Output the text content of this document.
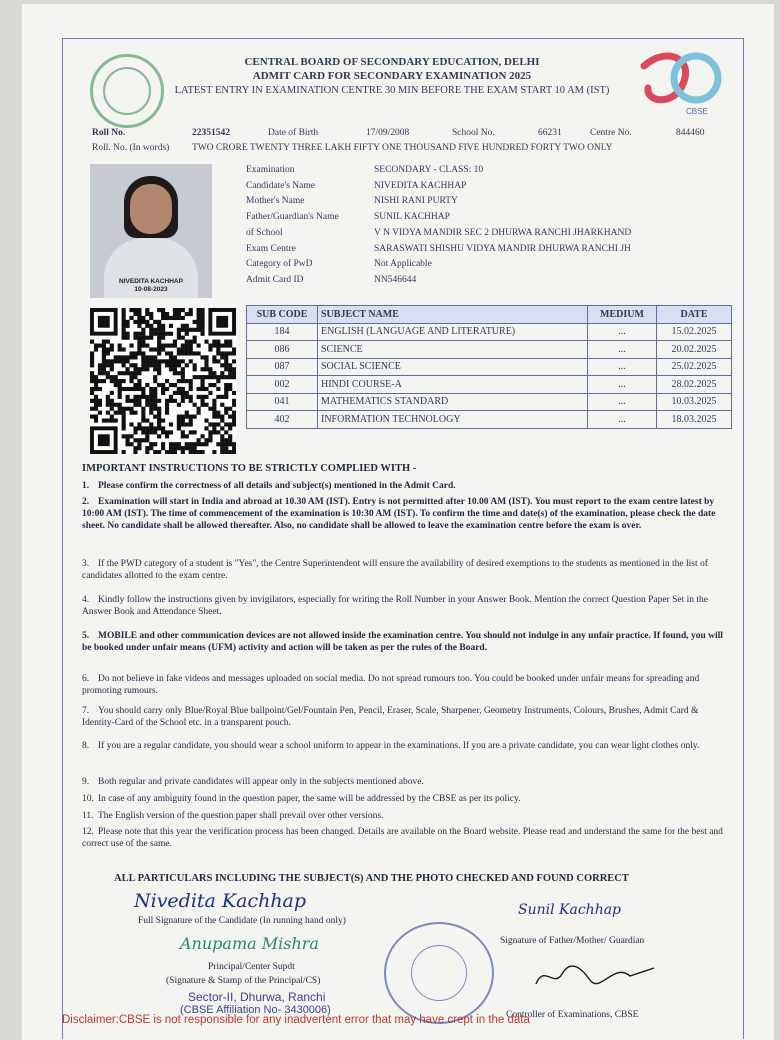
CBSE
CENTRAL BOARD OF SECONDARY EDUCATION, DELHI
ADMIT CARD FOR SECONDARY EXAMINATION 2025
LATEST ENTRY IN EXAMINATION CENTRE 30 MIN BEFORE THE EXAM START 10 AM (IST)
Roll No.	22351542	Date of Birth	17/09/2008	School No.	66231	Centre No.	844460
Roll. No. (In words) TWO CRORE TWENTY THREE LAKH FIFTY ONE THOUSAND FIVE HUNDRED FORTY TWO ONLY
NIVEDITA KACHHAP
10-08-2023
Examination	SECONDARY - CLASS: 10
Candidate's Name	NIVEDITA KACHHAP
Mother's Name	NISHI RANI PURTY
Father/Guardian's Name	SUNIL KACHHAP
of School	V N VIDYA MANDIR SEC 2 DHURWA RANCHI JHARKHAND
Exam Centre	SARASWATI SHISHU VIDYA MANDIR DHURWA RANCHI JH
Category of PwD	Not Applicable
Admit Card ID	NN546644
SUB CODE	SUBJECT NAME	MEDIUM	DATE
184	ENGLISH (LANGUAGE AND LITERATURE)	...	15.02.2025
086	SCIENCE	...	20.02.2025
087	SOCIAL SCIENCE	...	25.02.2025
002	HINDI COURSE-A	...	28.02.2025
041	MATHEMATICS STANDARD	...	10.03.2025
402	INFORMATION TECHNOLOGY	...	18.03.2025
IMPORTANT INSTRUCTIONS TO BE STRICTLY COMPLIED WITH -
1. Please confirm the correctness of all details and subject(s) mentioned in the Admit Card.
2. Examination will start in India and abroad at 10.30 AM (IST). Entry is not permitted after 10.00 AM (IST). You must report to the exam centre latest by 10:00 AM (IST). The time of commencement of the examination is 10:30 AM (IST). To confirm the time and date(s) of the examination, please check the date sheet. No candidate shall be allowed thereafter. Also, no candidate shall be allowed to leave the examination centre before the exam is over.
3. If the PWD category of a student is "Yes", the Centre Superintendent will ensure the availability of desired exemptions to the students as mentioned in the list of candidates allotted to the exam centre.
4. Kindly follow the instructions given by invigilators, especially for writing the Roll Number in your Answer Book. Mention the correct Question Paper Set in the Answer Book and Attendance Sheet.
5. MOBILE and other communication devices are not allowed inside the examination centre. You should not indulge in any unfair practice. If found, you will be booked under unfair means (UFM) activity and action will be taken as per the rules of the Board.
6. Do not believe in fake videos and messages uploaded on social media. Do not spread rumours too. You could be booked under unfair means for spreading and promoting rumours.
7. You should carry only Blue/Royal Blue ballpoint/Gel/Fountain Pen, Pencil, Eraser, Scale, Sharpener, Geometry Instruments, Colours, Brushes, Admit Card & Identity-Card of the School etc. in a transparent pouch.
8. If you are a regular candidate, you should wear a school uniform to appear in the examinations. If you are a private candidate, you can wear light clothes only.
9. Both regular and private candidates will appear only in the subjects mentioned above.
10. In case of any ambiguity found in the question paper, the same will be addressed by the CBSE as per its policy.
11. The English version of the question paper shall prevail over other versions.
12. Please note that this year the verification process has been changed. Details are available on the Board website. Please read and understand the same for the best and correct use of the same.
ALL PARTICULARS INCLUDING THE SUBJECT(S) AND THE PHOTO CHECKED AND FOUND CORRECT
Nivedita Kachhap
Full Signature of the Candidate (In running hand only)
Sunil Kachhap
Signature of Father/Mother/ Guardian
Anupama Mishra
Principal/Center Supdt
(Signature & Stamp of the Principal/CS)
Sector-II, Dhurwa, Ranchi
(CBSE Affiliation No- 3430006)	Controller of Examinations, CBSE
Disclaimer:CBSE is not responsible for any inadvertent error that may have crept in the data
